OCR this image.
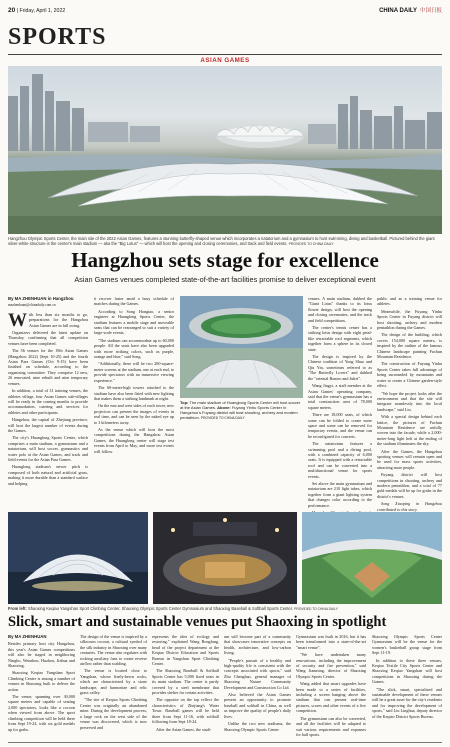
20 | Friday, April 1, 2022	CHINA DAILY 中国日报
SPORTS
ASIAN GAMES
Hangzhou Olympic Sports Center, the main site of the 2022 Asian Games, features a stunning butterfly-shaped venue which incorporates a natatorium and a gymnasium to host swimming, diving and basketball. Pictured behind the giant silver-white structure is the center's main stadium — aka the "Big Lotus" — which will host the opening and closing ceremonies, and track and field events. PROVIDED TO CHINA DAILY
Hangzhou sets stage for excellence
Asian Games venues completed state-of-the-art facilities promise to deliver exceptional event
By MA ZHENHUAN in Hangzhou
mazhenhuan@chinadaily.com.cn
W ith less than six months to go, preparations for the Hangzhou Asian Games are in full swing.

Organizers delivered the latest update on Thursday, confirming that all competition venues have been completed.

The 56 venues for the 19th Asian Games (Hangzhou 2022) (Sept 10-25) and the fourth Asian Para Games (Oct 9-15) have been finished on schedule, according to the organizing committee. They comprise 12 new, 26 renovated, nine rebuilt and nine temporary venues.

In addition, a total of 31 training venues, the athletes village, four Asian Games sub-villages will be ready in the coming months to provide accommodation, catering and services for athletes and other participants.

Hangzhou, the capital of Zhejiang province, will host the largest number of events during the Games.

The city's Huanglong Sports Center, which comprises a main stadium, a gymnasium and a natatorium, will host soccer, gymnastics and water polo at the Asian Games, and track and field events for the Asian Para Games.

Huanglong stadium's newer pitch is composed of both natural and artificial grass, making it more durable than a standard surface and helping

it recover faster amid a busy schedule of matches during the Games.

According to Song Hongtao, a senior engineer at Huanglong Sports Center, the stadium features a mobile stage and moveable seats that can be rearranged to suit a variety of large-scale events.

"The stadium can accommodate up to 60,000 people. All the seats have also been upgraded with more striking colors, such as purple, orange and blue," said Song.

"Additionally, there will be two 200-square-meter screens at the stadium, one at each end, to provide spectators with an immersive viewing experience."

The 60-meter-high towers attached to the stadium have also been fitted with new lighting that makes them a striking landmark at night.

On the east and west sides of each tower, new projectors can present the images of events in real time, and can be seen by the naked eye up to 3 kilometers away.

As the venue which will host the most competitions during the Hangzhou Asian Games, the Huanglong center will stage test events from April to May, and more test events will follow.

Top: The main stadium of Huanglong Sports Center will host soccer at the Asian Games. Above: Fuyang Yinhu Sports Center in Hangzhou's Fuyang district will host shooting, archery and modern pentathlon. PROVIDED TO CHINA DAILY

venues. A main stadium, dubbed the "Giant Lotus" thanks to its lotus flower design, will host the opening and closing ceremonies, and the track and field competitions.

The center's tennis center has a striking lotus design with eight petal-like retractable roof segments, which together form a sphere in its closed state.

The design is inspired by the Chinese tradition of Yong Shuo and Qiu Yin, sometimes referred to as "The Butterfly Lovers" and dubbed the "oriental Romeo and Juliet".

Wang Jingyi, a staff member at the Asian Games' operating company, said that the venue's gymnasium has a total construction area of 78,000 square meters.

There are 18,000 seats, of which some can be folded to create more space and some can be removed for temporary events, and the venue can be reconfigured for concerts.

The natatorium features a swimming pool and a diving pool, with a combined capacity of 6,000 seats. It is equipped with a retractable roof and can be converted into a multifunctional venue for sports events.

Set above the main gymnasium and natatorium are 210 light tubes, which together form a giant lighting system that changes color according to the performance.

public and as a training venue for athletes.

Meanwhile, the Fuyang Yinhu Sports Center in Fuyang district will host shooting, archery and modern pentathlon during the Games.

The design of the building, which covers 154,000 square meters, is inspired by the outline of the famous Chinese landscape painting Fuchun Mountain Residence.

The construction of Fuyang Yinhu Sports Center takes full advantage of being surrounded by mountains and water to create a Chinese garden-style effect.

"We hope the project looks after the environment and that the site will integrate seamlessly into the local landscape," said Liu.

With a special design behind each lattice, the pictures of Fuchun Mountain Residence are artfully woven into the facade, while a 2,000-meter-long light belt at the ending of the stadium illuminates the sky.

After the Games, the Hangzhou sporting venues will remain open and be used for mass sports activities, attracting more people.

Fuyang district will host competitions in shooting, archery and modern pentathlon, and a total of 77 gold medals will be up for grabs in the district's venues.

Song Xiaoping in Hangzhou contributed to this story.

From left: Shaoxing Keqiao Yangshan Sport Climbing Center, Shaoxing Olympic Sports Center Gymnasium and Shaoxing Baseball & Softball Sports Center. PROVIDED TO CHINA DAILY
Slick, smart and sustainable venues put Shaoxing in spotlight
By MA ZHENHUAN

Besides primary host city Hangzhou, this year's Asian Games competitions will also be staged in neighboring Ningbo, Wenzhou, Huzhou, Jinhua and Shaoxing.

Shaoxing Keqiao Yangshan Sport Climbing Center is among a number of venues in Shaoxing built to deliver the action.

The venue, spanning over 30,000 square meters and capable of seating 2,000 spectators, looks like a cocoon when viewed from above. The sport climbing competition will be held there from Sept 19-24, with six gold medals up for grabs.

The design of the venue is inspired by a silkworm cocoon, a cultural symbol of the silk industry in Shaoxing over many centuries. The venue also regulates with rocking auxiliary fans to create reverse airflow rather than scalding.

The venue is located close to Yangshan, whose finely-hewn rocks, which are characterized by a stone landscape, and harmonize and relic grass valley.

"The site of Keqiao Sports Climbing Center was originally an abandoned mine. During the development process, a large rock on the west side of the venue was discovered, which is now preserved and

represents the idea of ecology and restoring," explained Wang Rongfang, head of the project department at the Keqiao District Education and Sports Bureau in Yangshan Sport Climbing Center.

The Shaoxing Baseball & Softball Sports Center has 5,000 fixed seats in its main stadium. The center is partly covered by a steel membrane that provides shelter for certain activities.

The opposite on the top reflect the characteristics of Zhejiang's Water Town. Baseball games will be held there from Sept 11-16, with softball following from Sept 18-24.

After the Asian Games, the stadi-

um will become part of a community that showcases innovative concepts on health, architecture, and low-carbon living.

"People's pursuit of a healthy and high-quality life is consistent with the concepts associated with sports," said Zhu Chenghao, general manager of Shaoxing Nature Community Development and Construction Co Ltd.

Also believed the Asian Games present an opportunity to promote baseball and softball in China, as well as improve the quality of people's daily lives.

Unlike the two new stadiums, the Shaoxing Olympic Sports Center

Gymnasium was built in 2016, but it has been transformed into a state-of-the-art "smart venue".

"We have undertaken many renovations, including the improvement of security and fire prevention," said Wang Jianming, director of Shaoxing Olympic Sports Center.

Wang added that smart upgrades have been made to a series of facilities, including a screen hanging above the stadium that can present real-time pictures, scores and other events of a live competition.

The gymnasium can also be converted, and all the facilities will be adapted to suit various requirements and expanses for ball sports.

Shaoxing Olympic Sports Center Gymnasium will be the venue for the women's basketball group stage from Sept 11-19.

In addition to these three venues, Keqiao Textile City Sports Center and Shaoxing Keqiao Yangshan will host competitions in Shaoxing during the Games.

"The slick, smart, specialized and sustainable development of these venues will be a great asset for the city's residents and for improving the development of sports," said Liu Linghua, deputy director of the Keqiao District Sports Bureau.
